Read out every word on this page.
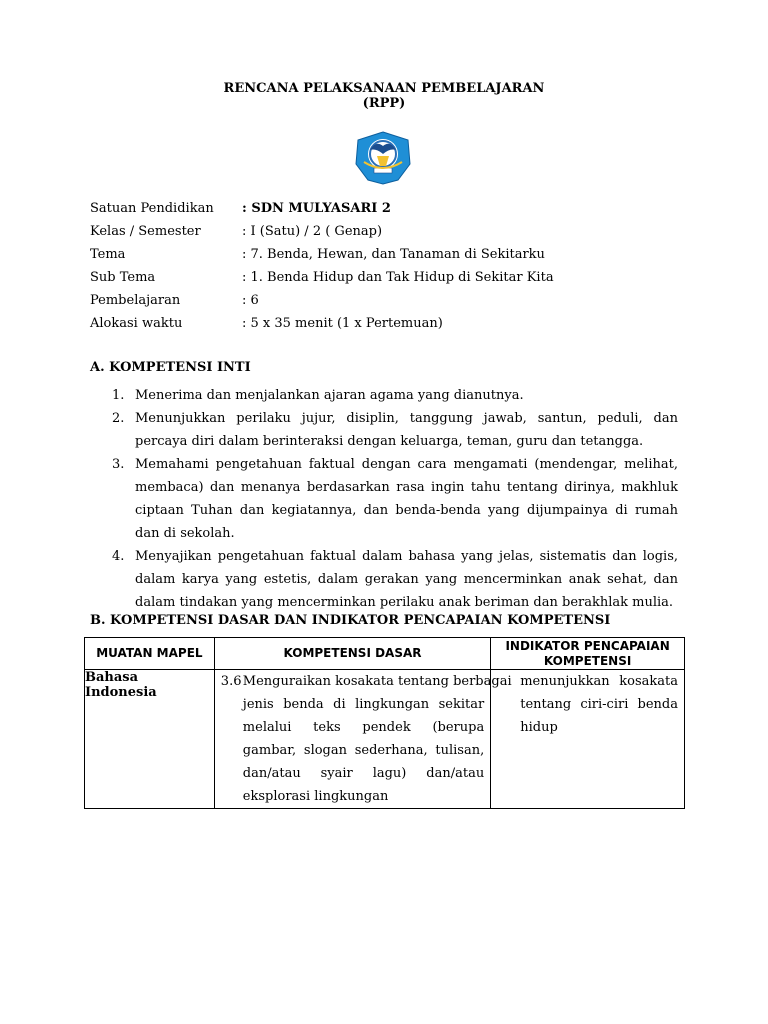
RENCANA PELAKSANAAN PEMBELAJARAN
(RPP)
Satuan Pendidikan : SDN MULYASARI 2
Kelas / Semester	: I (Satu) / 2 ( Genap)
Tema	: 7. Benda, Hewan, dan Tanaman di Sekitarku
Sub Tema	: 1. Benda Hidup dan Tak Hidup di Sekitar Kita
Pembelajaran	: 6
Alokasi waktu	: 5 x 35 menit (1 x Pertemuan)
A. KOMPETENSI INTI
1. Menerima dan menjalankan ajaran agama yang dianutnya.
2. Menunjukkan perilaku jujur, disiplin, tanggung jawab, santun, peduli, dan percaya diri dalam berinteraksi dengan keluarga, teman, guru dan tetangga.
3. Memahami pengetahuan faktual dengan cara mengamati (mendengar, melihat, membaca) dan menanya berdasarkan rasa ingin tahu tentang dirinya, makhluk ciptaan Tuhan dan kegiatannya, dan benda-benda yang dijumpainya di rumah dan di sekolah.
4. Menyajikan pengetahuan faktual dalam bahasa yang jelas, sistematis dan logis, dalam karya yang estetis, dalam gerakan yang mencerminkan anak sehat, dan dalam tindakan yang mencerminkan perilaku anak beriman dan berakhlak mulia.
B. KOMPETENSI DASAR DAN INDIKATOR PENCAPAIAN KOMPETENSI
MUATAN MAPEL	KOMPETENSI DASAR	INDIKATOR PENCAPAIAN KOMPETENSI
Bahasa Indonesia	3.6 Menguraikan kosakata tentang berbagai
jenis benda di lingkungan sekitar melalui teks pendek (berupa gambar, slogan sederhana, tulisan, dan/atau syair lagu) dan/atau eksplorasi lingkungan	menunjukkan kosakata tentang ciri-ciri benda hidup
